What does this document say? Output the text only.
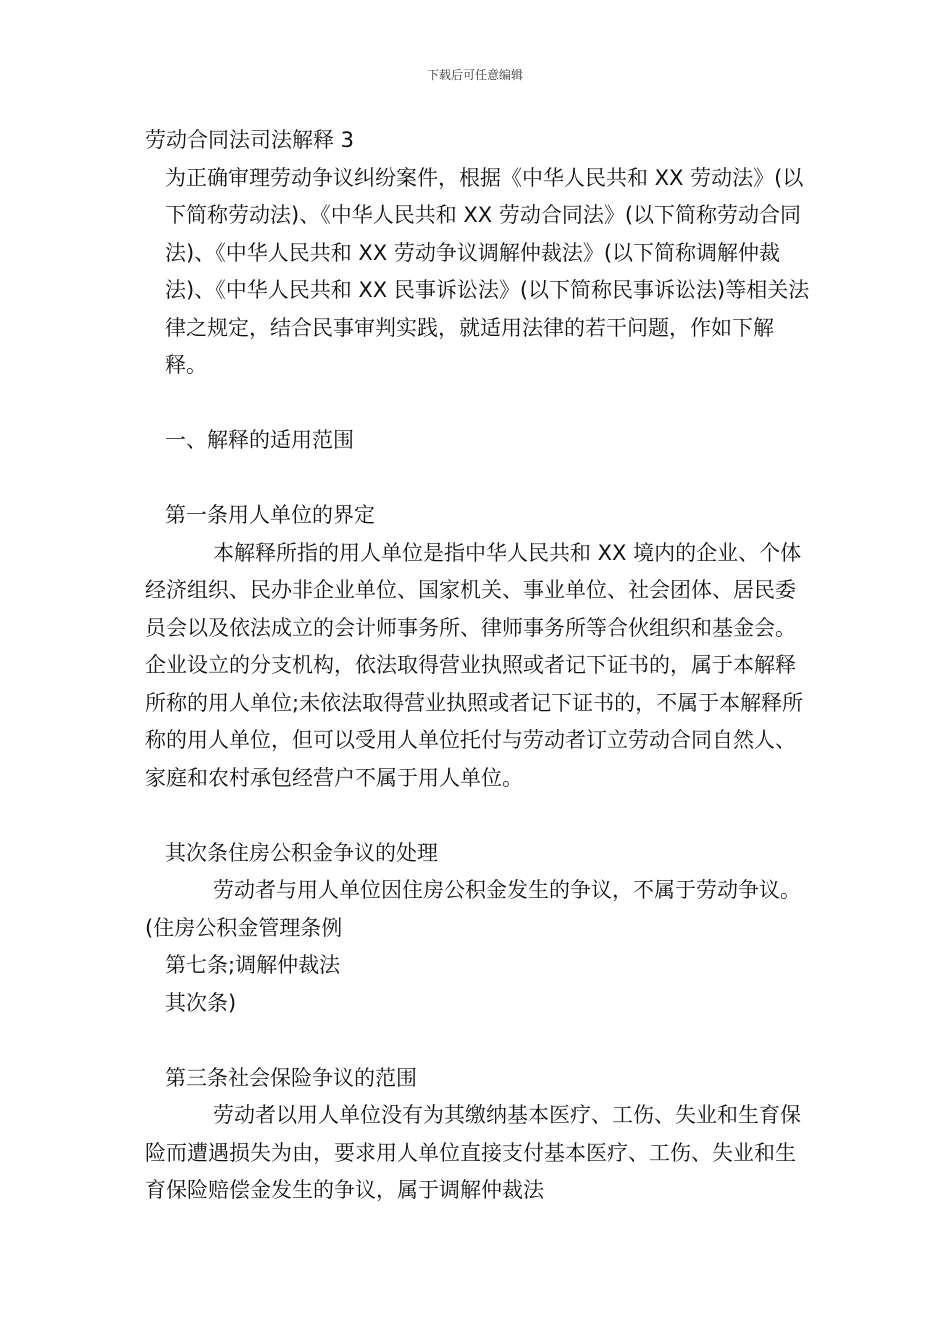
下载后可任意编辑

劳动合同法司法解释 3

为正确审理劳动争议纠纷案件，根据《中华人民共和 XX 劳动法》(以下简称劳动法)、《中华人民共和 XX 劳动合同法》(以下简称劳动合同法)、《中华人民共和 XX 劳动争议调解仲裁法》(以下简称调解仲裁法)、《中华人民共和 XX 民事诉讼法》(以下简称民事诉讼法)等相关法律之规定，结合民事审判实践，就适用法律的若干问题，作如下解释。

一、解释的适用范围

第一条用人单位的界定

本解释所指的用人单位是指中华人民共和 XX 境内的企业、个体经济组织、民办非企业单位、国家机关、事业单位、社会团体、居民委员会以及依法成立的会计师事务所、律师事务所等合伙组织和基金会。企业设立的分支机构，依法取得营业执照或者记下证书的，属于本解释所称的用人单位;未依法取得营业执照或者记下证书的，不属于本解释所称的用人单位，但可以受用人单位托付与劳动者订立劳动合同自然人、家庭和农村承包经营户不属于用人单位。

其次条住房公积金争议的处理

劳动者与用人单位因住房公积金发生的争议，不属于劳动争议。(住房公积金管理条例

第七条;调解仲裁法

其次条)

第三条社会保险争议的范围

劳动者以用人单位没有为其缴纳基本医疗、工伤、失业和生育保险而遭遇损失为由，要求用人单位直接支付基本医疗、工伤、失业和生育保险赔偿金发生的争议，属于调解仲裁法
